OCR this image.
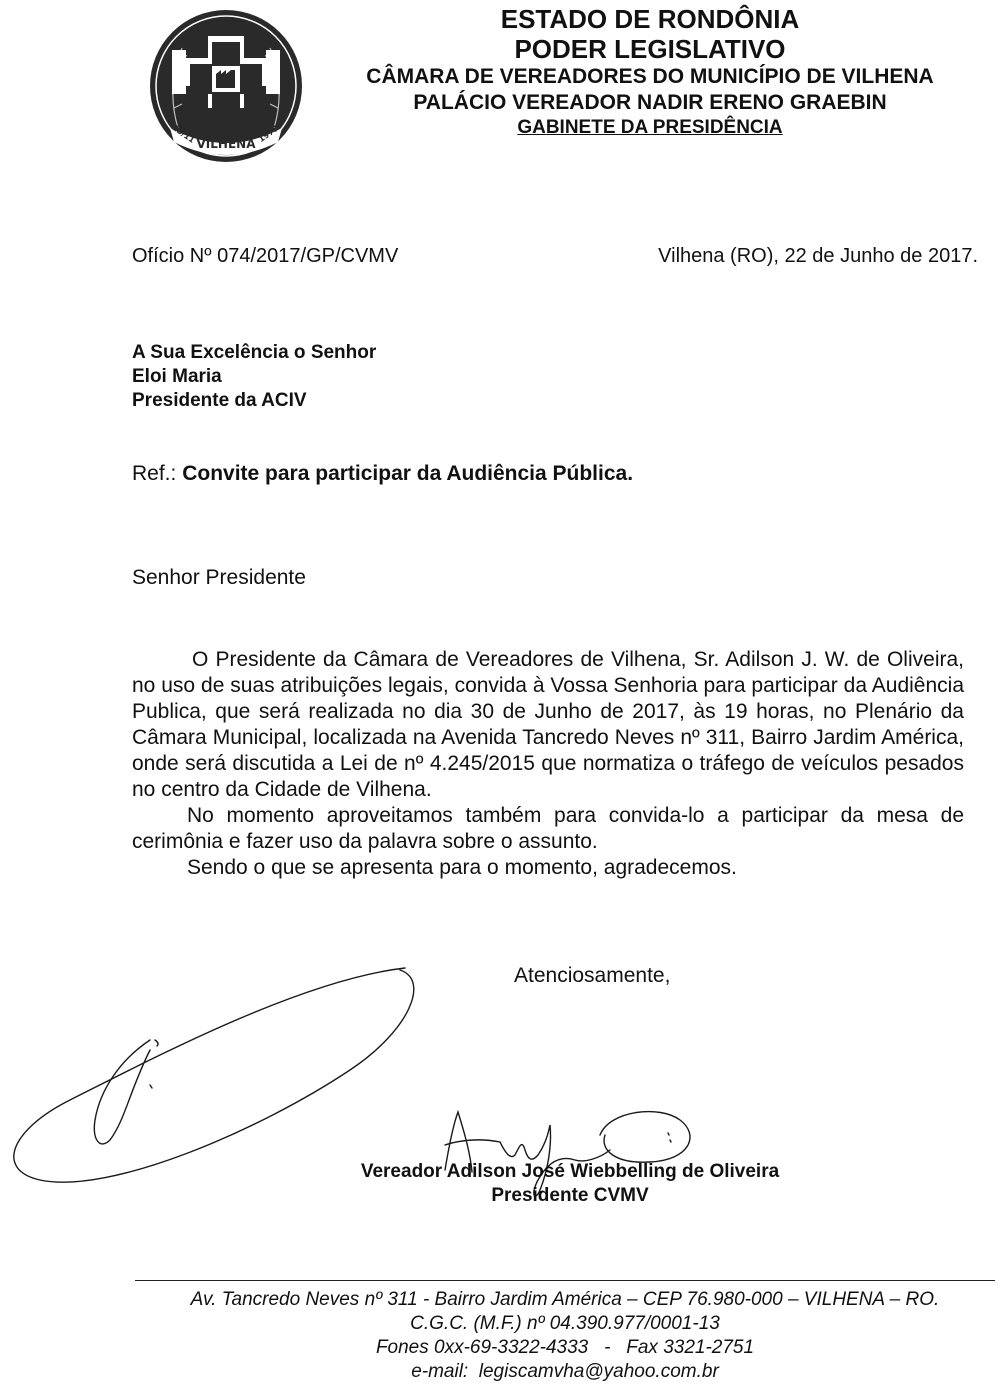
VILHENA
23/11	1977
ESTADO DE RONDÔNIA
PODER LEGISLATIVO
CÂMARA DE VEREADORES DO MUNICÍPIO DE VILHENA
PALÁCIO VEREADOR NADIR ERENO GRAEBIN
GABINETE DA PRESIDÊNCIA
Ofício Nº 074/2017/GP/CVMV	Vilhena (RO), 22 de Junho de 2017.
A Sua Excelência o Senhor
Eloi Maria
Presidente da ACIV
Ref.: Convite para participar da Audiência Pública.
Senhor Presidente

O Presidente da Câmara de Vereadores de Vilhena, Sr. Adilson J. W. de Oliveira, no uso de suas atribuições legais, convida à Vossa Senhoria para participar da Audiência Publica, que será realizada no dia 30 de Junho de 2017, às 19 horas, no Plenário da Câmara Municipal, localizada na Avenida Tancredo Neves nº 311, Bairro Jardim América, onde será discutida a Lei de nº 4.245/2015 que normatiza o tráfego de veículos pesados no centro da Cidade de Vilhena.

No momento aproveitamos também para convida-lo a participar da mesa de cerimônia e fazer uso da palavra sobre o assunto.

Sendo o que se apresenta para o momento, agradecemos.

Atenciosamente,
Vereador Adilson José Wiebbelling de Oliveira
Presidente CVMV
Av. Tancredo Neves nº 311 - Bairro Jardim América – CEP 76.980-000 – VILHENA – RO.
C.G.C. (M.F.) nº 04.390.977/0001-13
Fones 0xx-69-3322-4333   -   Fax 3321-2751
e-mail:  legiscamvha@yahoo.com.br
